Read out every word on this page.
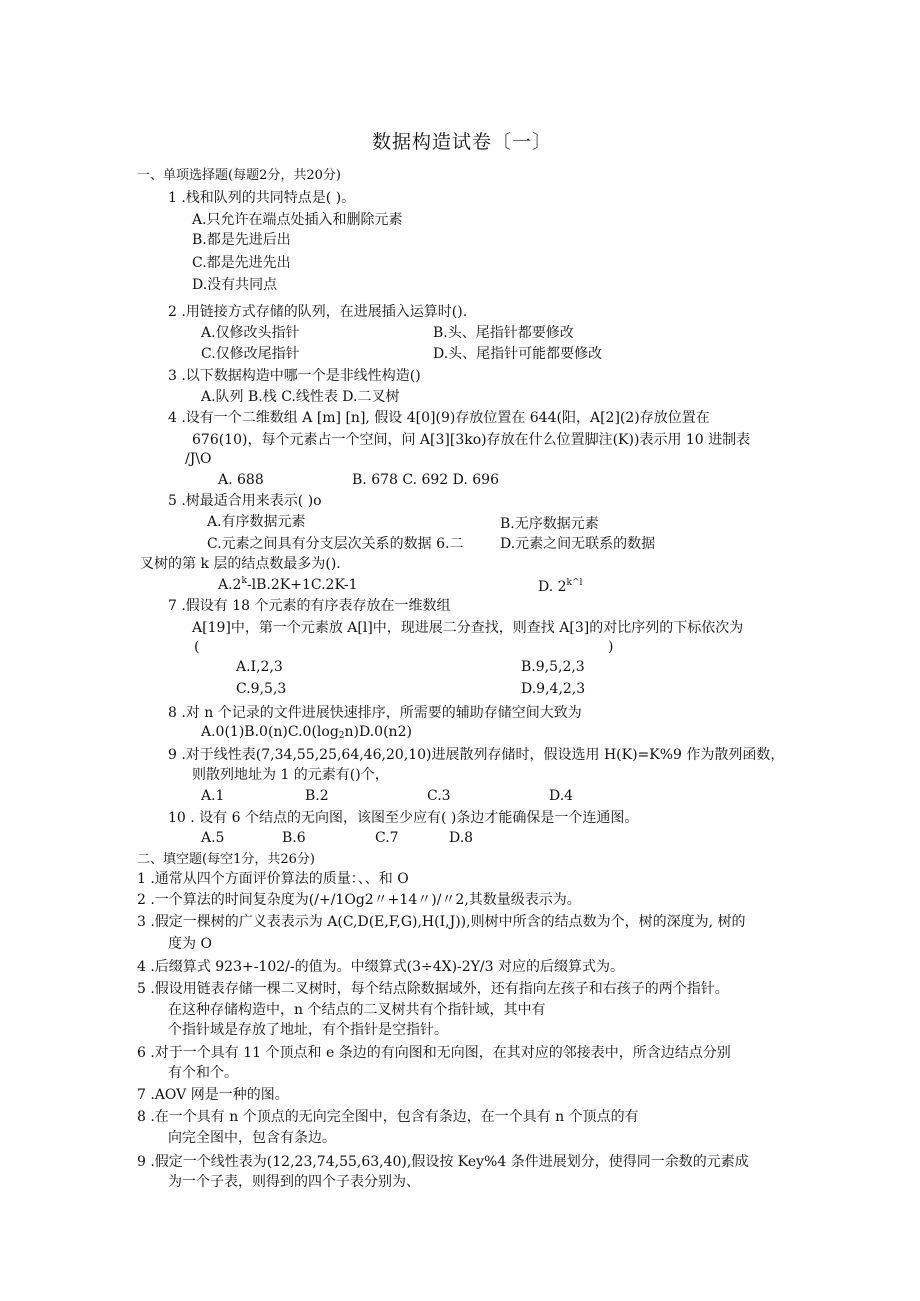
数据构造试卷〔一〕
一、单项选择题(每题2分，共20分)
1 .栈和队列的共同特点是( )。
A.只允许在端点处插入和删除元素
B.都是先进后出
C.都是先进先出
D.没有共同点
2 .用链接方式存储的队列，在进展插入运算时().
A.仅修改头指针	B.头、尾指针都要修改
C.仅修改尾指针	D.头、尾指针可能都要修改
3 .以下数据构造中哪一个是非线性构造()
A.队列 B.栈 C.线性表 D.二叉树
4 .设有一个二维数组 A [m] [n], 假设 4[0](9)存放位置在 644(阳，A[2](2)存放位置在
676(10)，每个元素占一个空间，问 A[3][3ko)存放在什么位置脚注(K))表示用 10 进制表
/J\O
A. 688	B. 678 C. 692 D. 696
5 .树最适合用来表示( )o
A.有序数据元素	B.无序数据元素
C.元素之间具有分支层次关系的数据 6.二	D.元素之间无联系的数据
叉树的第 k 层的结点数最多为().
$A.2^k-lB.2K+1C.2K-1$	D. $2^{k\^{}l}$
7 .假设有 18 个元素的有序表存放在一维数组
A[19]中，第一个元素放 A[l]中，现进展二分查找，则查找 A[3]的对比序列的下标依次为
(	)
A.I,2,3	B.9,5,2,3
C.9,5,3	D.9,4,2,3
8 .对 n 个记录的文件进展快速排序，所需要的辅助存储空间大致为
$A.0(1)B.0(n)C.0(\log_2n)D.0(n2)$
9 .对于线性表(7,34,55,25,64,46,20,10)进展散列存储时，假设选用 H(K)=K%9 作为散列函数，
则散列地址为 1 的元素有()个，
A.1	B.2	C.3	D.4
10 . 设有 6 个结点的无向图，该图至少应有( )条边才能确保是一个连通图。
A.5	B.6	C.7	D.8
二、填空题(每空1分，共26分)
1 .通常从四个方面评价算法的质量：、、和 O
2 .一个算法的时间复杂度为(/+/1Og2〃+14〃)/〃2,其数量级表示为。
3 .假定一棵树的广义表表示为 A(C,D(E,F,G),H(I,J)),则树中所含的结点数为个，树的深度为, 树的
度为 O
4 .后缀算式 923+-102/-的值为。中缀算式(3÷4X)-2Y/3 对应的后缀算式为。
5 .假设用链表存储一棵二叉树时，每个结点除数据域外，还有指向左孩子和右孩子的两个指针。
在这种存储构造中，n 个结点的二叉树共有个指针域，其中有
个指针域是存放了地址，有个指针是空指针。
6 .对于一个具有 11 个顶点和 e 条边的有向图和无向图，在其对应的邻接表中，所含边结点分别
有个和个。
7 .AOV 网是一种的图。
8 .在一个具有 n 个顶点的无向完全图中，包含有条边，在一个具有 n 个顶点的有
向完全图中，包含有条边。
9 .假定一个线性表为(12,23,74,55,63,40),假设按 Key%4 条件进展划分，使得同一余数的元素成
为一个子表，则得到的四个子表分别为、
